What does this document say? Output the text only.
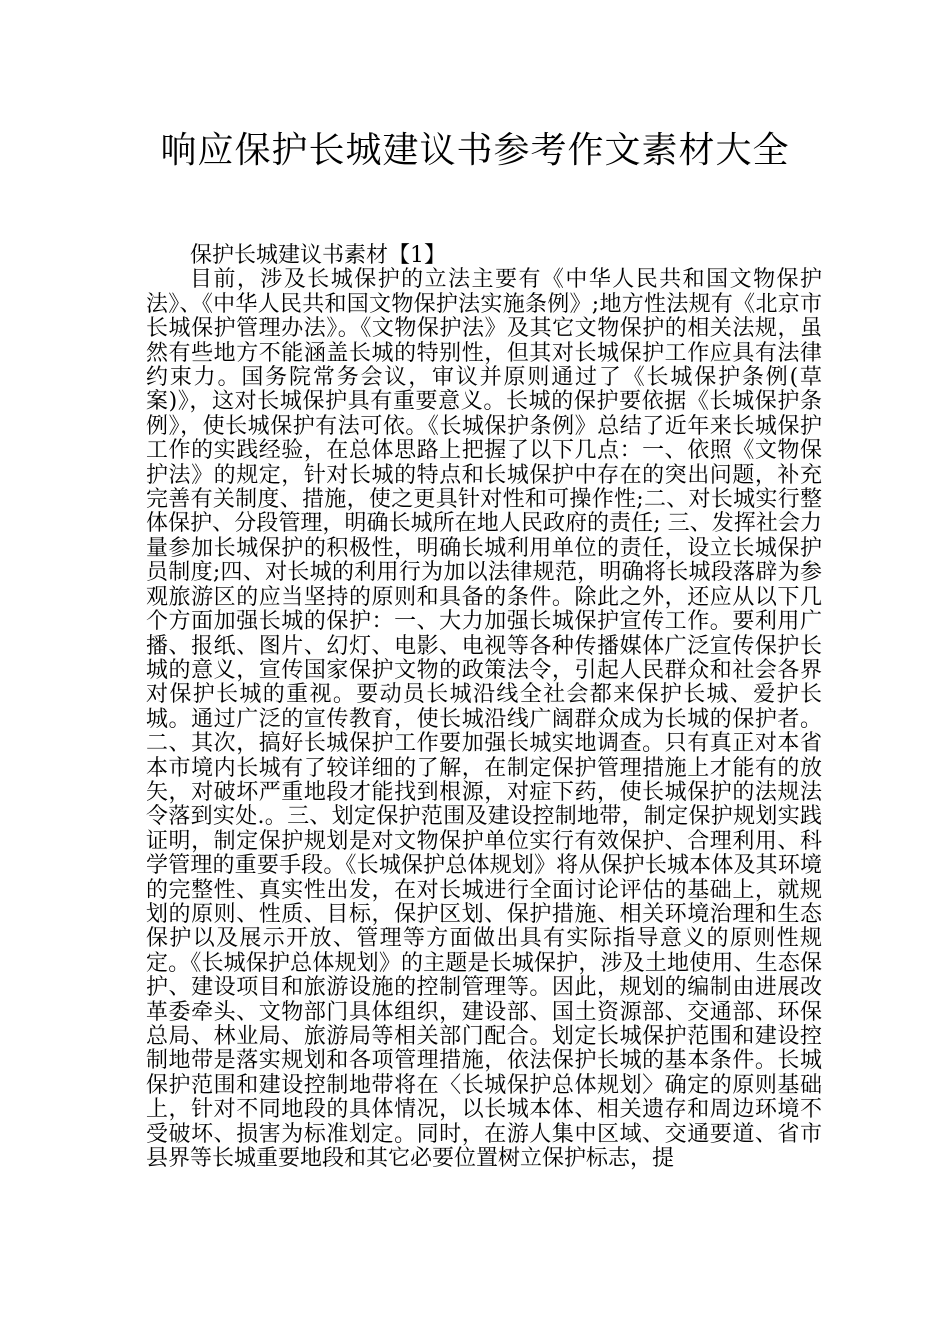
响应保护长城建议书参考作文素材大全

保护长城建议书素材【1】

目前，涉及长城保护的立法主要有《中华人民共和国文物保护法》、《中华人民共和国文物保护法实施条例》;地方性法规有《北京市长城保护管理办法》。《文物保护法》及其它文物保护的相关法规，虽然有些地方不能涵盖长城的特别性，但其对长城保护工作应具有法律约束力。国务院常务会议，审议并原则通过了《长城保护条例(草案)》，这对长城保护具有重要意义。长城的保护要依据《长城保护条例》，使长城保护有法可依。《长城保护条例》总结了近年来长城保护工作的实践经验，在总体思路上把握了以下几点：一、依照《文物保护法》的规定，针对长城的特点和长城保护中存在的突出问题，补充完善有关制度、措施，使之更具针对性和可操作性;二、对长城实行整体保护、分段管理，明确长城所在地人民政府的责任; 三、发挥社会力量参加长城保护的积极性，明确长城利用单位的责任，设立长城保护员制度;四、对长城的利用行为加以法律规范，明确将长城段落辟为参观旅游区的应当坚持的原则和具备的条件。除此之外，还应从以下几个方面加强长城的保护：一、大力加强长城保护宣传工作。要利用广播、报纸、图片、幻灯、电影、电视等各种传播媒体广泛宣传保护长城的意义，宣传国家保护文物的政策法令，引起人民群众和社会各界对保护长城的重视。要动员长城沿线全社会都来保护长城、爱护长城。通过广泛的宣传教育，使长城沿线广阔群众成为长城的保护者。二、其次，搞好长城保护工作要加强长城实地调查。只有真正对本省本市境内长城有了较详细的了解，在制定保护管理措施上才能有的放矢，对破坏严重地段才能找到根源，对症下药，使长城保护的法规法令落到实处.。三、划定保护范围及建设控制地带，制定保护规划实践证明，制定保护规划是对文物保护单位实行有效保护、合理利用、科学管理的重要手段。《长城保护总体规划》将从保护长城本体及其环境的完整性、真实性出发，在对长城进行全面讨论评估的基础上，就规划的原则、性质、目标，保护区划、保护措施、相关环境治理和生态保护以及展示开放、管理等方面做出具有实际指导意义的原则性规定。《长城保护总体规划》的主题是长城保护，涉及土地使用、生态保护、建设项目和旅游设施的控制管理等。因此，规划的编制由进展改革委牵头、文物部门具体组织，建设部、国土资源部、交通部、环保总局、林业局、旅游局等相关部门配合。划定长城保护范围和建设控制地带是落实规划和各项管理措施，依法保护长城的基本条件。长城保护范围和建设控制地带将在〈长城保护总体规划〉确定的原则基础上，针对不同地段的具体情况，以长城本体、相关遗存和周边环境不受破坏、损害为标准划定。同时，在游人集中区域、交通要道、省市县界等长城重要地段和其它必要位置树立保护标志，提
